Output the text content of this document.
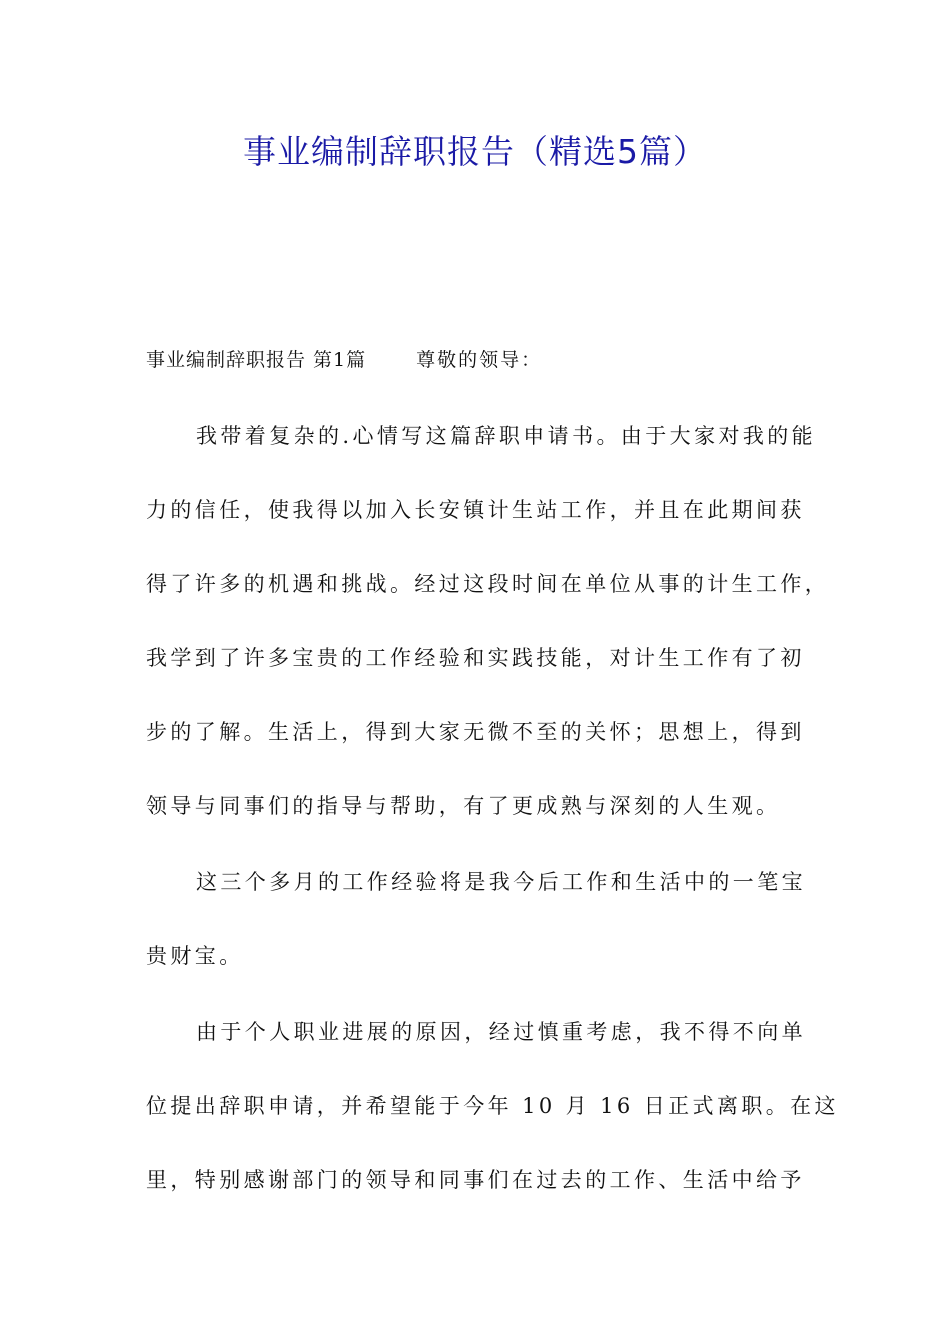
事业编制辞职报告（精选5篇）
事业编制辞职报告 第1篇	尊敬的领导：

我带着复杂的.心情写这篇辞职申请书。由于大家对我的能

力的信任，使我得以加入长安镇计生站工作，并且在此期间获

得了许多的机遇和挑战。经过这段时间在单位从事的计生工作，

我学到了许多宝贵的工作经验和实践技能，对计生工作有了初

步的了解。生活上，得到大家无微不至的关怀；思想上，得到

领导与同事们的指导与帮助，有了更成熟与深刻的人生观。

这三个多月的工作经验将是我今后工作和生活中的一笔宝

贵财宝。

由于个人职业进展的原因，经过慎重考虑，我不得不向单

位提出辞职申请，并希望能于今年 10 月 16 日正式离职。在这

里，特别感谢部门的领导和同事们在过去的工作、生活中给予
